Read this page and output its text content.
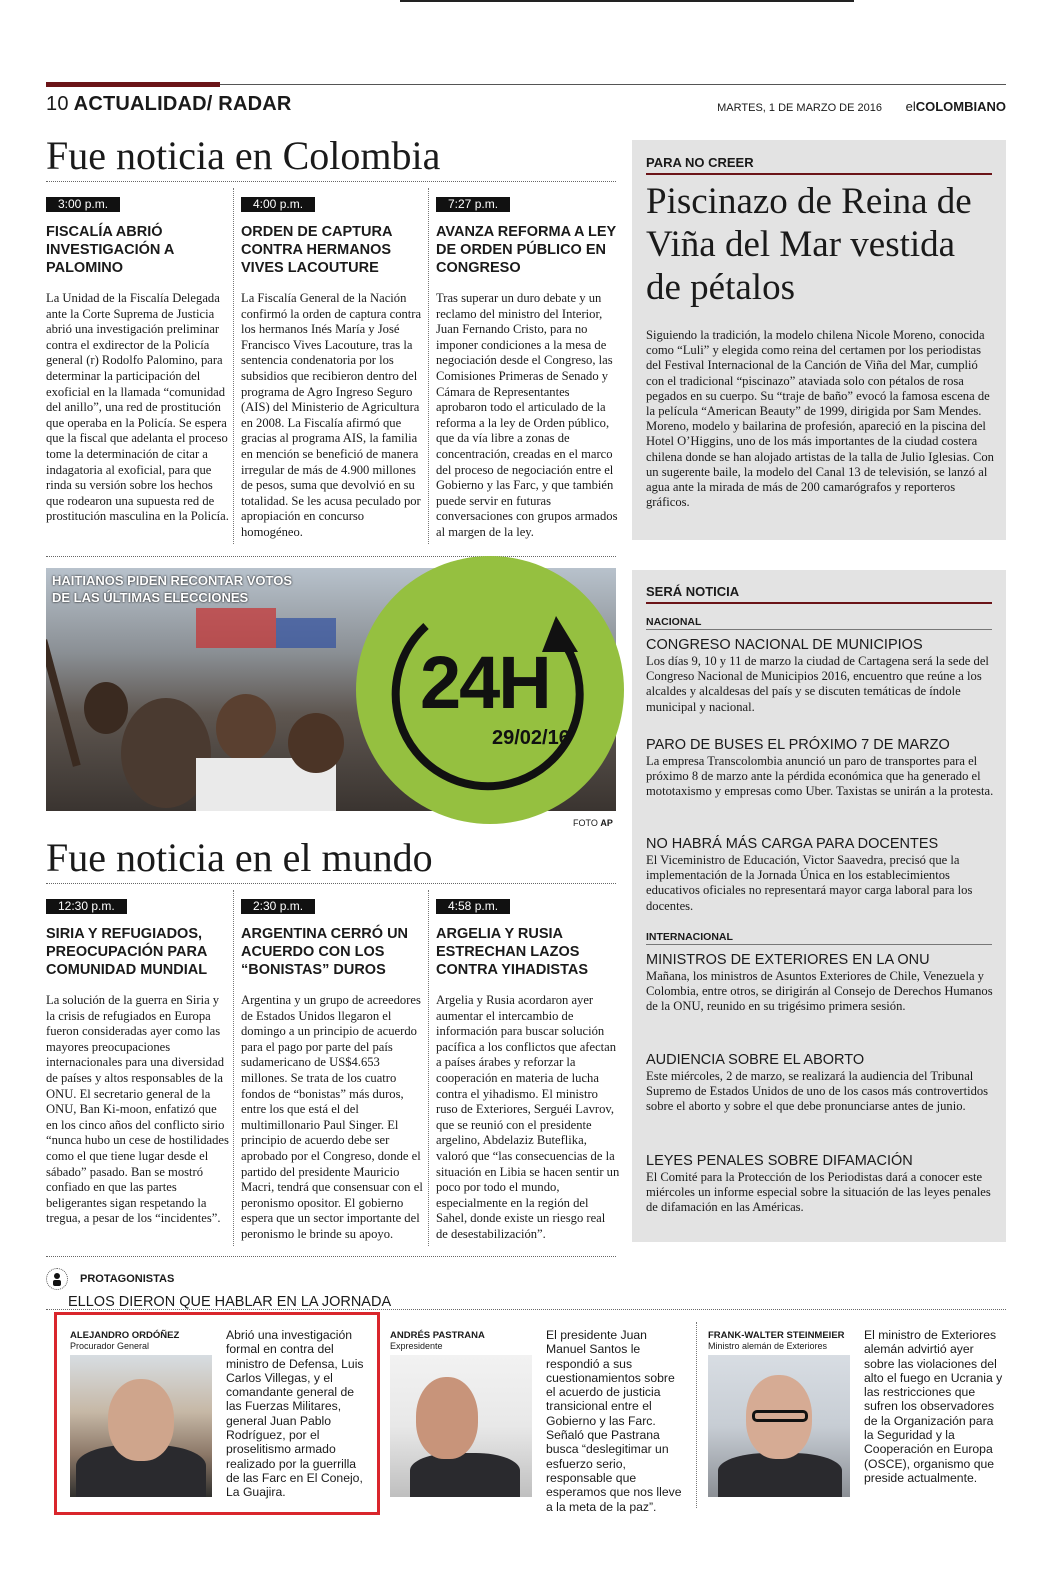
10 ACTUALIDAD/ RADAR	MARTES, 1 DE MARZO DE 2016 elCOLOMBIANO
Fue noticia en Colombia
3:00 p.m.
FISCALÍA ABRIÓ INVESTIGACIÓN A PALOMINO
La Unidad de la Fiscalía Delegada ante la Corte Suprema de Justicia abrió una investigación preliminar contra el exdirector de la Policía general (r) Rodolfo Palomino, para determinar la participación del exoficial en la llamada “comunidad del anillo”, una red de prostitución que operaba en la Policía. Se espera que la fiscal que adelanta el proceso tome la determinación de citar a indagatoria al exoficial, para que rinda su versión sobre los hechos que rodearon una supuesta red de prostitución masculina en la Policía.
4:00 p.m.
ORDEN DE CAPTURA CONTRA HERMANOS VIVES LACOUTURE
La Fiscalía General de la Nación confirmó la orden de captura contra los hermanos Inés María y José Francisco Vives Lacouture, tras la sentencia condenatoria por los subsidios que recibieron dentro del programa de Agro Ingreso Seguro (AIS) del Ministerio de Agricultura en 2008. La Fiscalía afirmó que gracias al programa AIS, la familia en mención se benefició de manera irregular de más de 4.900 millones de pesos, suma que devolvió en su totalidad. Se les acusa peculado por apropiación en concurso homogéneo.
7:27 p.m.
AVANZA REFORMA A LEY DE ORDEN PÚBLICO EN CONGRESO
Tras superar un duro debate y un reclamo del ministro del Interior, Juan Fernando Cristo, para no imponer condiciones a la mesa de negociación desde el Congreso, las Comisiones Primeras de Senado y Cámara de Representantes aprobaron todo el articulado de la reforma a la ley de Orden público, que da vía libre a zonas de concentración, creadas en el marco del proceso de negociación entre el Gobierno y las Farc, y que también puede servir en futuras conversaciones con grupos armados al margen de la ley.
PARA NO CREER
Piscinazo de Reina de Viña del Mar vestida de pétalos
Siguiendo la tradición, la modelo chilena Nicole Moreno, conocida como “Luli” y elegida como reina del certamen por los periodistas del Festival Internacional de la Canción de Viña del Mar, cumplió con el tradicional “piscinazo” ataviada solo con pétalos de rosa pegados en su cuerpo. Su “traje de baño” evocó la famosa escena de la película “American Beauty” de 1999, dirigida por Sam Mendes. Moreno, modelo y bailarina de profesión, apareció en la piscina del Hotel O’Higgins, uno de los más importantes de la ciudad costera chilena donde se han alojado artistas de la talla de Julio Iglesias. Con un sugerente baile, la modelo del Canal 13 de televisión, se lanzó al agua ante la mirada de más de 200 camarógrafos y reporteros gráficos.
HAITIANOS PIDEN RECONTAR VOTOS
DE LAS ÚLTIMAS ELECCIONES
24H
29/02/16
FOTO AP
SERÁ NOTICIA
NACIONAL
CONGRESO NACIONAL DE MUNICIPIOS
Los días 9, 10 y 11 de marzo la ciudad de Cartagena será la sede del Congreso Nacional de Municipios 2016, encuentro que reúne a los alcaldes y alcaldesas del país y se discuten temáticas de índole municipal y nacional.
PARO DE BUSES EL PRÓXIMO 7 DE MARZO
La empresa Transcolombia anunció un paro de transportes para el próximo 8 de marzo ante la pérdida económica que ha generado el mototaxismo y empresas como Uber. Taxistas se unirán a la protesta.
NO HABRÁ MÁS CARGA PARA DOCENTES
El Viceministro de Educación, Victor Saavedra, precisó que la implementación de la Jornada Única en los establecimientos educativos oficiales no representará mayor carga laboral para los docentes.
INTERNACIONAL
MINISTROS DE EXTERIORES EN LA ONU
Mañana, los ministros de Asuntos Exteriores de Chile, Venezuela y Colombia, entre otros, se dirigirán al Consejo de Derechos Humanos de la ONU, reunido en su trigésimo primera sesión.
AUDIENCIA SOBRE EL ABORTO
Este miércoles, 2 de marzo, se realizará la audiencia del Tribunal Supremo de Estados Unidos de uno de los casos más controvertidos sobre el aborto y sobre el que debe pronunciarse antes de junio.
LEYES PENALES SOBRE DIFAMACIÓN
El Comité para la Protección de los Periodistas dará a conocer este miércoles un informe especial sobre la situación de las leyes penales de difamación en las Américas.
Fue noticia en el mundo
12:30 p.m.
SIRIA Y REFUGIADOS, PREOCUPACIÓN PARA COMUNIDAD MUNDIAL
La solución de la guerra en Siria y la crisis de refugiados en Europa fueron consideradas ayer como las mayores preocupaciones internacionales para una diversidad de países y altos responsables de la ONU. El secretario general de la ONU, Ban Ki-moon, enfatizó que en los cinco años del conflicto sirio “nunca hubo un cese de hostilidades como el que tiene lugar desde el sábado” pasado. Ban se mostró confiado en que las partes beligerantes sigan respetando la tregua, a pesar de los “incidentes”.
2:30 p.m.
ARGENTINA CERRÓ UN ACUERDO CON LOS “BONISTAS” DUROS
Argentina y un grupo de acreedores de Estados Unidos llegaron el domingo a un principio de acuerdo para el pago por parte del país sudamericano de US$4.653 millones. Se trata de los cuatro fondos de “bonistas” más duros, entre los que está el del multimillonario Paul Singer. El principio de acuerdo debe ser aprobado por el Congreso, donde el partido del presidente Mauricio Macri, tendrá que consensuar con el peronismo opositor. El gobierno espera que un sector importante del peronismo le brinde su apoyo.
4:58 p.m.
ARGELIA Y RUSIA ESTRECHAN LAZOS CONTRA YIHADISTAS
Argelia y Rusia acordaron ayer aumentar el intercambio de información para buscar solución pacífica a los conflictos que afectan a países árabes y reforzar la cooperación en materia de lucha contra el yihadismo. El ministro ruso de Exteriores, Serguéi Lavrov, que se reunió con el presidente argelino, Abdelaziz Buteflika, valoró que “las consecuencias de la situación en Libia se hacen sentir un poco por todo el mundo, especialmente en la región del Sahel, donde existe un riesgo real de desestabilización”.
PROTAGONISTAS
ELLOS DIERON QUE HABLAR EN LA JORNADA
ALEJANDRO ORDÓÑEZ
Procurador General
Abrió una investigación formal en contra del ministro de Defensa, Luis Carlos Villegas, y el comandante general de las Fuerzas Militares, general Juan Pablo Rodríguez, por el proselitismo armado realizado por la guerrilla de las Farc en El Conejo, La Guajira.
ANDRÉS PASTRANA
Expresidente
El presidente Juan Manuel Santos le respondió a sus cuestionamientos sobre el acuerdo de justicia transicional entre el Gobierno y las Farc. Señaló que Pastrana busca “deslegitimar un esfuerzo serio, responsable que esperamos que nos lleve a la meta de la paz”.
FRANK-WALTER STEINMEIER
Ministro alemán de Exteriores
El ministro de Exteriores alemán advirtió ayer sobre las violaciones del alto el fuego en Ucrania y las restricciones que sufren los observadores de la Organización para la Seguridad y la Cooperación en Europa (OSCE), organismo que preside actualmente.
